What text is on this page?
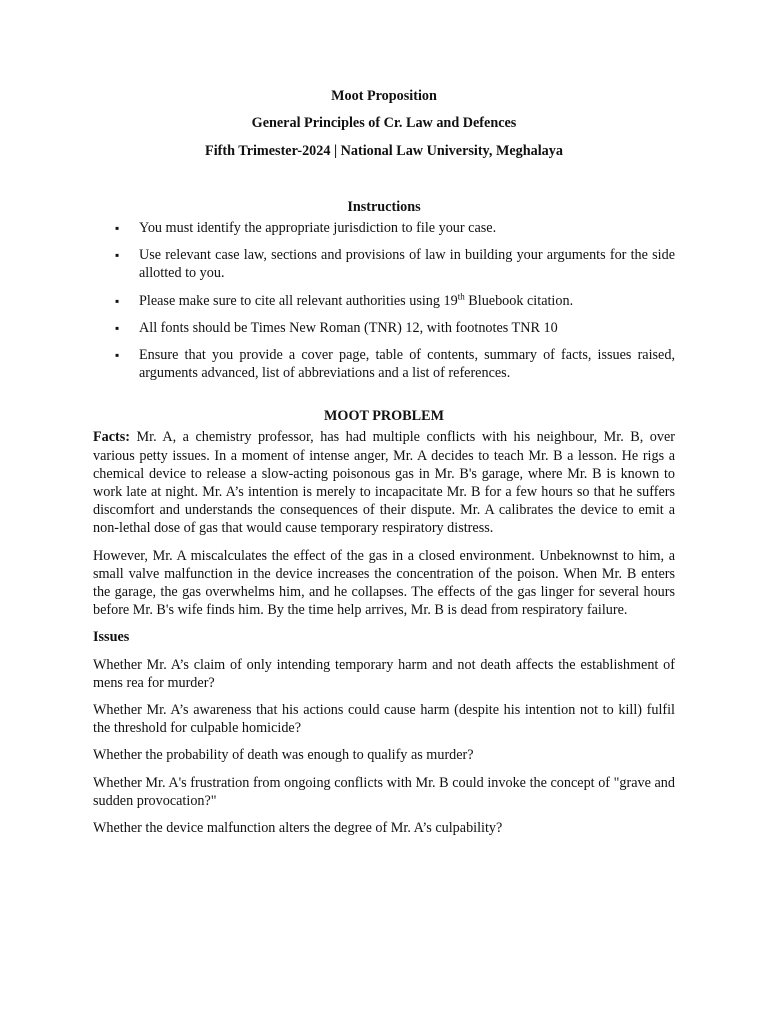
Moot Proposition
General Principles of Cr. Law and Defences
Fifth Trimester-2024 | National Law University, Meghalaya
Instructions
▪ You must identify the appropriate jurisdiction to file your case.
▪ Use relevant case law, sections and provisions of law in building your arguments for the side allotted to you.
▪ Please make sure to cite all relevant authorities using 19th Bluebook citation.
▪ All fonts should be Times New Roman (TNR) 12, with footnotes TNR 10
▪ Ensure that you provide a cover page, table of contents, summary of facts, issues raised, arguments advanced, list of abbreviations and a list of references.
MOOT PROBLEM

Facts: Mr. A, a chemistry professor, has had multiple conflicts with his neighbour, Mr. B, over various petty issues. In a moment of intense anger, Mr. A decides to teach Mr. B a lesson. He rigs a chemical device to release a slow-acting poisonous gas in Mr. B's garage, where Mr. B is known to work late at night. Mr. A’s intention is merely to incapacitate Mr. B for a few hours so that he suffers discomfort and understands the consequences of their dispute. Mr. A calibrates the device to emit a non-lethal dose of gas that would cause temporary respiratory distress.

However, Mr. A miscalculates the effect of the gas in a closed environment. Unbeknownst to him, a small valve malfunction in the device increases the concentration of the poison. When Mr. B enters the garage, the gas overwhelms him, and he collapses. The effects of the gas linger for several hours before Mr. B's wife finds him. By the time help arrives, Mr. B is dead from respiratory failure.

Issues

Whether Mr. A’s claim of only intending temporary harm and not death affects the establishment of mens rea for murder?

Whether Mr. A’s awareness that his actions could cause harm (despite his intention not to kill) fulfil the threshold for culpable homicide?

Whether the probability of death was enough to qualify as murder?

Whether Mr. A's frustration from ongoing conflicts with Mr. B could invoke the concept of "grave and sudden provocation?"

Whether the device malfunction alters the degree of Mr. A’s culpability?
